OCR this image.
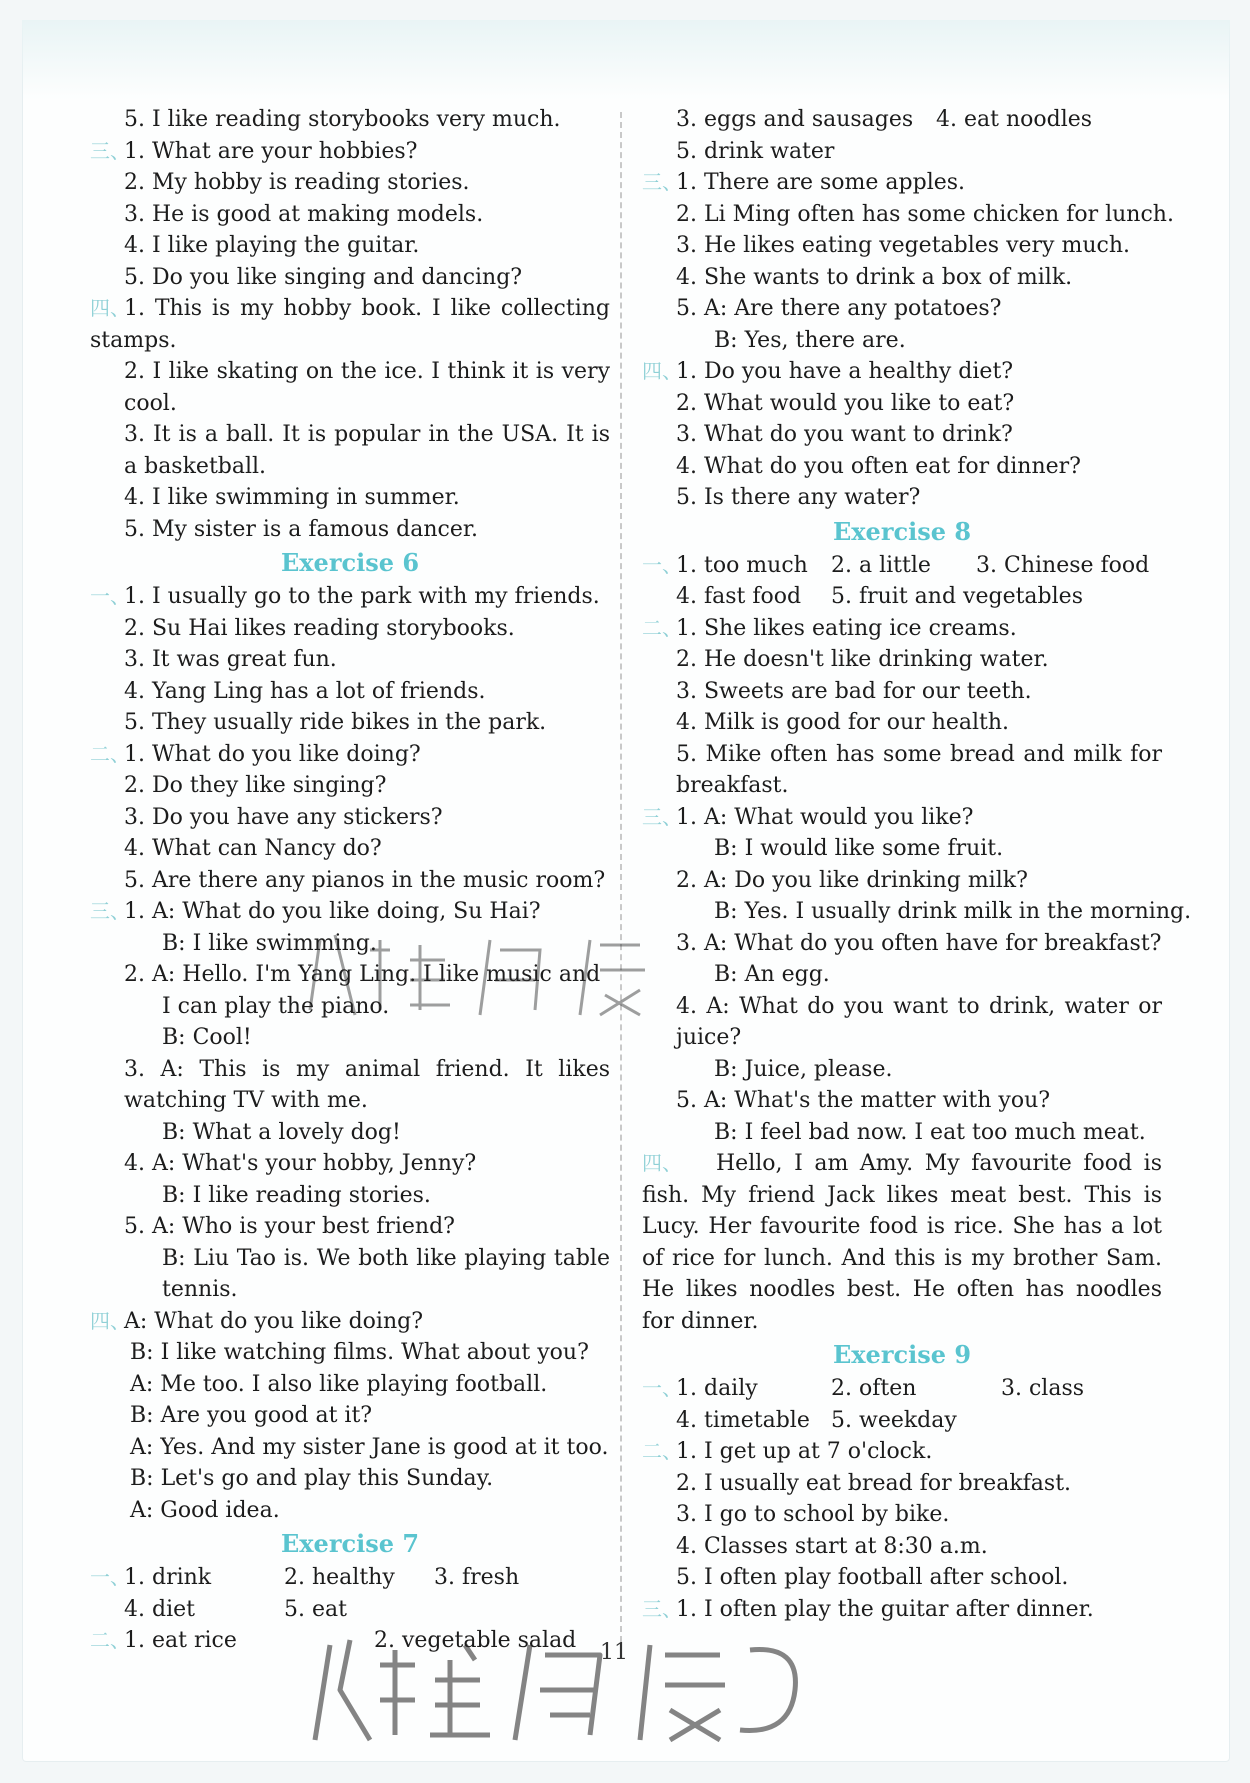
5. I like reading storybooks very much.
三、1. What are your hobbies?
2. My hobby is reading stories.
3. He is good at making models.
4. I like playing the guitar.
5. Do you like singing and dancing?
四、1. This is my hobby book. I like collecting stamps.
2. I like skating on the ice. I think it is very cool.
3. It is a ball. It is popular in the USA. It is a basketball.
4. I like swimming in summer.
5. My sister is a famous dancer.
Exercise 6
一、1. I usually go to the park with my friends.
2. Su Hai likes reading storybooks.
3. It was great fun.
4. Yang Ling has a lot of friends.
5. They usually ride bikes in the park.
二、1. What do you like doing?
2. Do they like singing?
3. Do you have any stickers?
4. What can Nancy do?
5. Are there any pianos in the music room?
三、1. A: What do you like doing, Su Hai?
B: I like swimming.
2. A: Hello. I'm Yang Ling. I like music and
I can play the piano.
B: Cool!
3. A: This is my animal friend. It likes watching TV with me.
B: What a lovely dog!
4. A: What's your hobby, Jenny?
B: I like reading stories.
5. A: Who is your best friend?
B: Liu Tao is. We both like playing table tennis.
四、A: What do you like doing?
B: I like watching films. What about you?
A: Me too. I also like playing football.
B: Are you good at it?
A: Yes. And my sister Jane is good at it too.
B: Let's go and play this Sunday.
A: Good idea.
Exercise 7
一、1. drink	2. healthy 3. fresh
4. diet	5. eat
二、1. eat rice	2. vegetable salad
3. eggs and sausages 4. eat noodles
5. drink water
三、1. There are some apples.
2. Li Ming often has some chicken for lunch.
3. He likes eating vegetables very much.
4. She wants to drink a box of milk.
5. A: Are there any potatoes?
B: Yes, there are.
四、1. Do you have a healthy diet?
2. What would you like to eat?
3. What do you want to drink?
4. What do you often eat for dinner?
5. Is there any water?
Exercise 8
一、1. too much 2. a little 3. Chinese food
4. fast food 5. fruit and vegetables
二、1. She likes eating ice creams.
2. He doesn't like drinking water.
3. Sweets are bad for our teeth.
4. Milk is good for our health.
5. Mike often has some bread and milk for breakfast.
三、1. A: What would you like?
B: I would like some fruit.
2. A: Do you like drinking milk?
B: Yes. I usually drink milk in the morning.
3. A: What do you often have for breakfast?
B: An egg.
4. A: What do you want to drink, water or juice?
B: Juice, please.
5. A: What's the matter with you?
B: I feel bad now. I eat too much meat.
四、 Hello, I am Amy. My favourite food is fish. My friend Jack likes meat best. This is Lucy. Her favourite food is rice. She has a lot of rice for lunch. And this is my brother Sam. He likes noodles best. He often has noodles for dinner.
Exercise 9
一、1. daily	2. often	3. class
4. timetable 5. weekday
二、1. I get up at 7 o'clock.
2. I usually eat bread for breakfast.
3. I go to school by bike.
4. Classes start at 8:30 a.m.
5. I often play football after school.
三、1. I often play the guitar after dinner.
11
